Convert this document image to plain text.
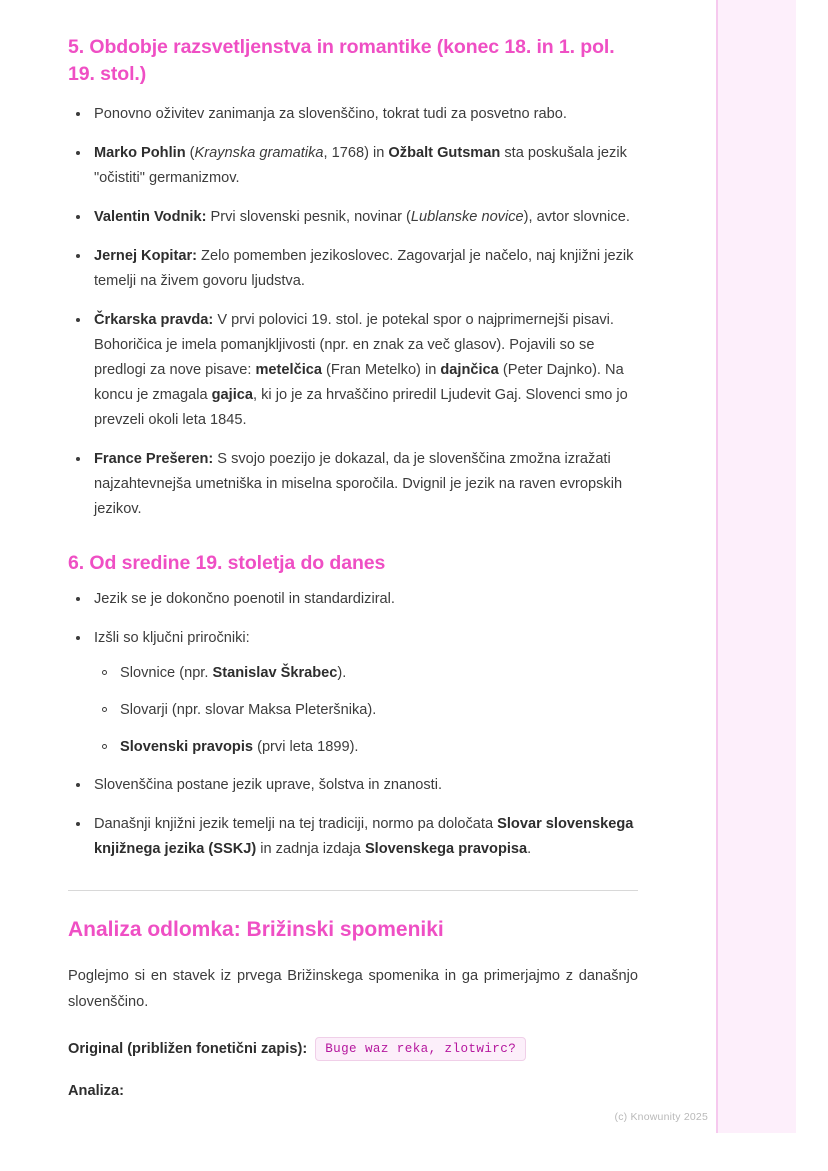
5. Obdobje razsvetljenstva in romantike (konec 18. in 1. pol. 19. stol.)
Ponovno oživitev zanimanja za slovenščino, tokrat tudi za posvetno rabo.
Marko Pohlin (Kraynska gramatika, 1768) in Ožbalt Gutsman sta poskušala jezik "očistiti" germanizmov.
Valentin Vodnik: Prvi slovenski pesnik, novinar (Lublanske novice), avtor slovnice.
Jernej Kopitar: Zelo pomemben jezikoslovec. Zagovarjal je načelo, naj knjižni jezik temelji na živem govoru ljudstva.
Črkarska pravda: V prvi polovici 19. stol. je potekal spor o najprimernejši pisavi. Bohoričica je imela pomanjkljivosti (npr. en znak za več glasov). Pojavili so se predlogi za nove pisave: metelčica (Fran Metelko) in dajnčica (Peter Dajnko). Na koncu je zmagala gajica, ki jo je za hrvaščino priredil Ljudevit Gaj. Slovenci smo jo prevzeli okoli leta 1845.
France Prešeren: S svojo poezijo je dokazal, da je slovenščina zmožna izražati najzahtevnejša umetniška in miselna sporočila. Dvignil je jezik na raven evropskih jezikov.
6. Od sredine 19. stoletja do danes
Jezik se je dokončno poenotil in standardiziral.
Izšli so ključni priročniki:
Slovnice (npr. Stanislav Škrabec).
Slovarji (npr. slovar Maksa Pleteršnika).
Slovenski pravopis (prvi leta 1899).
Slovenščina postane jezik uprave, šolstva in znanosti.
Današnji knjižni jezik temelji na tej tradiciji, normo pa določata Slovar slovenskega knjižnega jezika (SSKJ) in zadnja izdaja Slovenskega pravopisa.
Analiza odlomka: Brižinski spomeniki

Poglejmo si en stavek iz prvega Brižinskega spomenika in ga primerjajmo z današnjo slovenščino.

Original (približen fonetični zapis):	Buge waz reka, zlotwirc?
Analiza:
(c) Knowunity 2025
